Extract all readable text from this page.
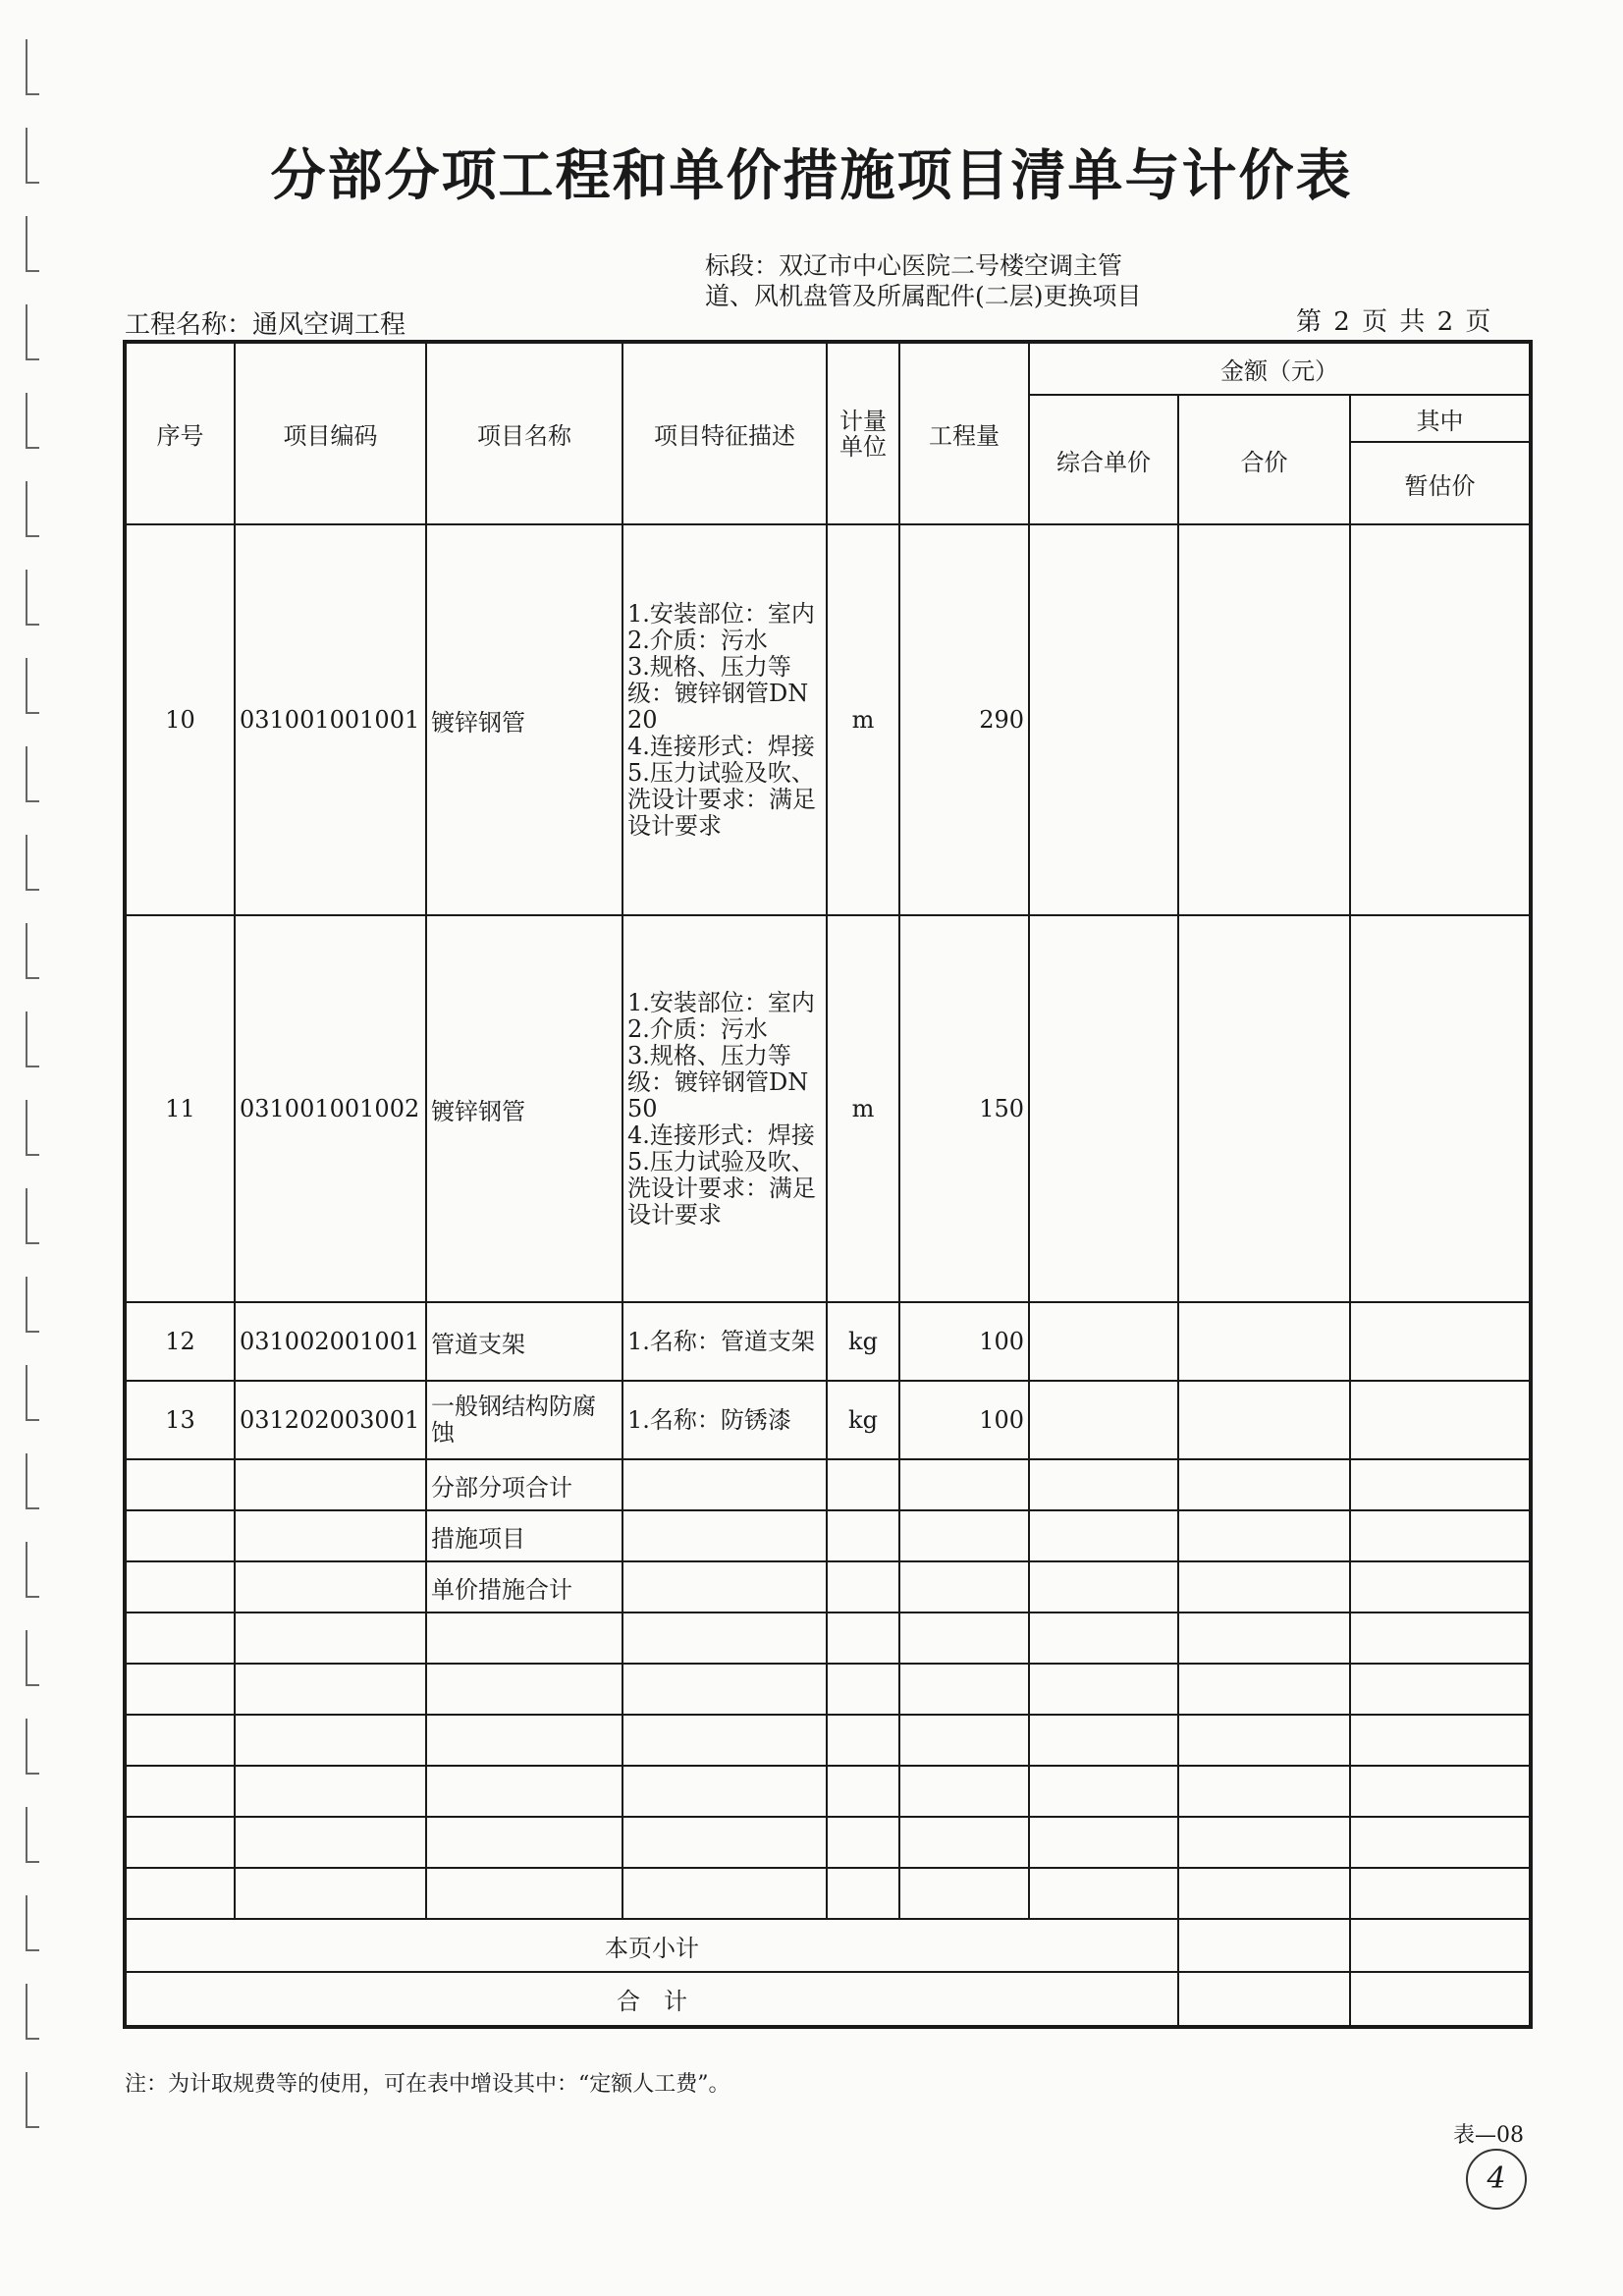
分部分项工程和单价措施项目清单与计价表
标段：双辽市中心医院二号楼空调主管道、风机盘管及所属配件(二层)更换项目
工程名称：通风空调工程	第 2 页 共 2 页
序号	项目编码	项目名称	项目特征描述	计量单位	工程量	金额（元）		
						综合单价	合价	其中
								暂估价
10	031001001001	镀锌钢管	1.安装部位：室内
2.介质：污水
3.规格、压力等级：镀锌钢管DN20
4.连接形式：焊接
5.压力试验及吹、洗设计要求：满足设计要求	m	290			
11	031001001002	镀锌钢管	1.安装部位：室内
2.介质：污水
3.规格、压力等级：镀锌钢管DN50
4.连接形式：焊接
5.压力试验及吹、洗设计要求：满足设计要求	m	150			
12	031002001001	管道支架	1.名称：管道支架	kg	100			
13	031202003001	一般钢结构防腐蚀	1.名称：防锈漆	kg	100			
		分部分项合计						
		措施项目						
		单价措施合计						

本页小计								
合　计								
注：为计取规费等的使用，可在表中增设其中：“定额人工费”。
表—08
4
